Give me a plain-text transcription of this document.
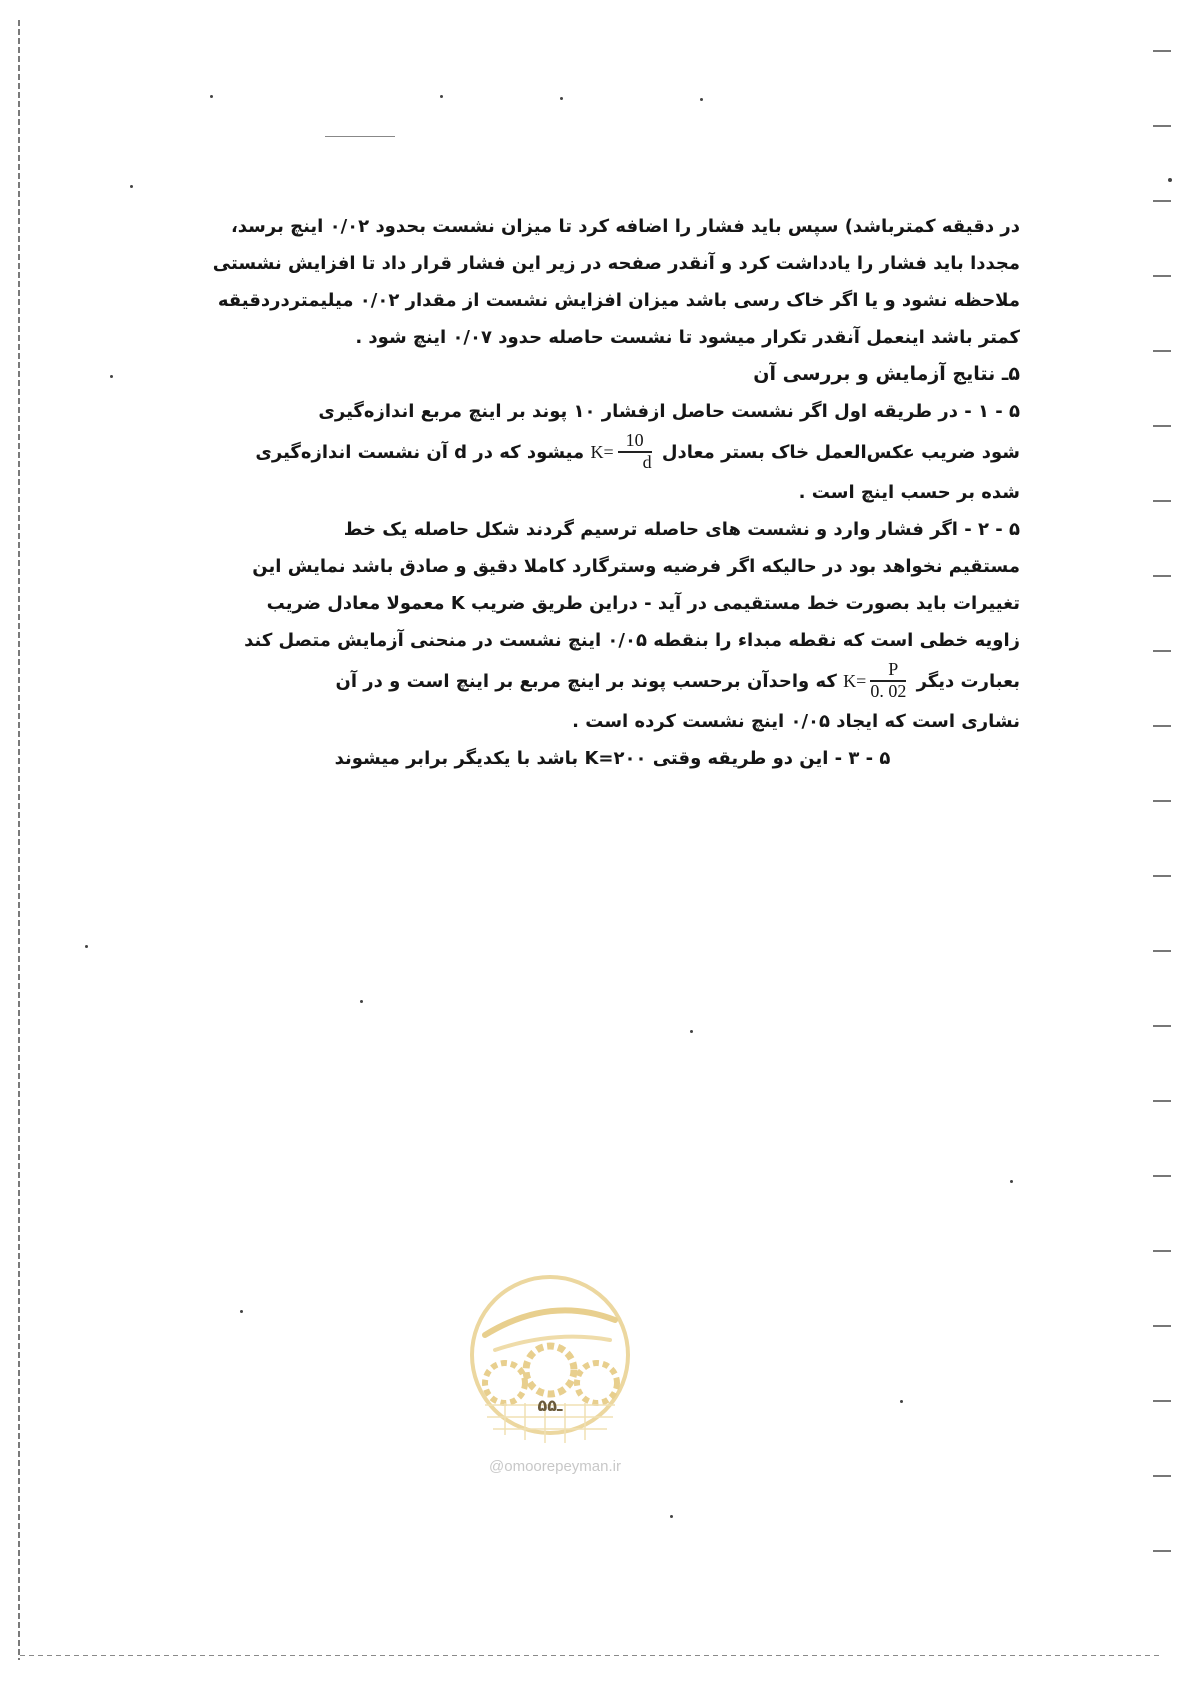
در دقیقه کمترباشد) سپس باید فشار را اضافه کرد تا میزان نشست بحدود ۰/۰۲ اینچ برسد،
مجددا باید فشار را یادداشت کرد و آنقدر صفحه در زیر این فشار قرار داد تا افزایش نشستی
ملاحظه نشود و یا اگر خاک رسی باشد میزان افزایش نشست از مقدار ۰/۰۲ میلیمتردردقیقه
کمتر باشد اینعمل آنقدر تکرار میشود تا نشست حاصله حدود ۰/۰۷ اینچ شود .
۵ـ نتایج آزمایش و بررسی آن
۵ - ۱ - در طریقه اول اگر نشست حاصل ازفشار ۱۰ پوند بر اینچ مربع اندازه‌گیری
شود ضریب عکس‌العمل خاک بستر معادل
$K= \frac{10}{d}$
میشود که در d آن نشست اندازه‌گیری
شده بر حسب اینچ است .
۵ - ۲ - اگر فشار وارد و نشست های حاصله ترسیم گردند شکل حاصله یک خط
مستقیم نخواهد بود در حالیکه اگر فرضیه وسترگارد کاملا دقیق و صادق باشد نمایش این
تغییرات باید بصورت خط مستقیمی در آید - دراین طریق ضریب K معمولا معادل ضریب
زاویه خطی است که نقطه مبداء را بنقطه ۰/۰۵ اینچ نشست در منحنی آزمایش متصل کند
بعبارت دیگر
$K= \frac{P}{0. 02}$
که واحدآن برحسب پوند بر اینچ مربع بر اینچ است و در آن
نشاری است که ایجاد ۰/۰۵ اینچ نشست کرده است .
۵ - ۳ - این دو طریقه وقتی K=۲۰۰ باشد با یکدیگر برابر میشوند
۵ـ۵
@omoorepeyman.ir
